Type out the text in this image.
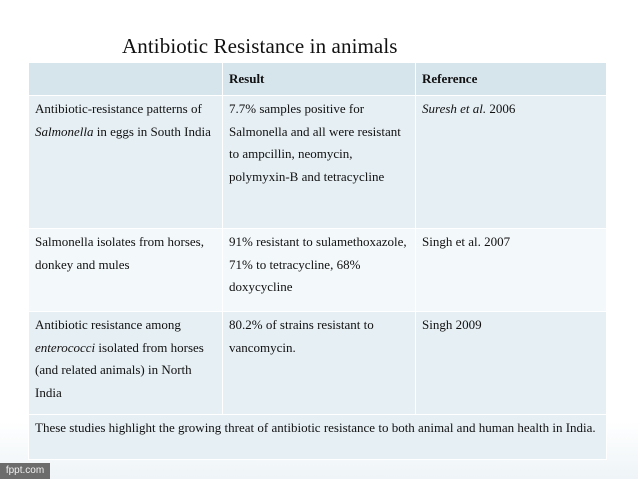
Antibiotic Resistance in animals
	Result	Reference
Antibiotic-resistance patterns of Salmonella in eggs in South India	7.7% samples positive for Salmonella and all were resistant to ampcillin, neomycin, polymyxin-B and tetracycline	Suresh et al. 2006
Salmonella isolates from horses, donkey and mules	91% resistant to sulamethoxazole, 71% to tetracycline, 68% doxycycline	Singh et al. 2007
Antibiotic resistance among enterococci isolated from horses (and related animals) in North India	80.2% of strains resistant to vancomycin.	Singh 2009
These studies highlight the growing threat of antibiotic resistance to both animal and human health in India.		
fppt.com
